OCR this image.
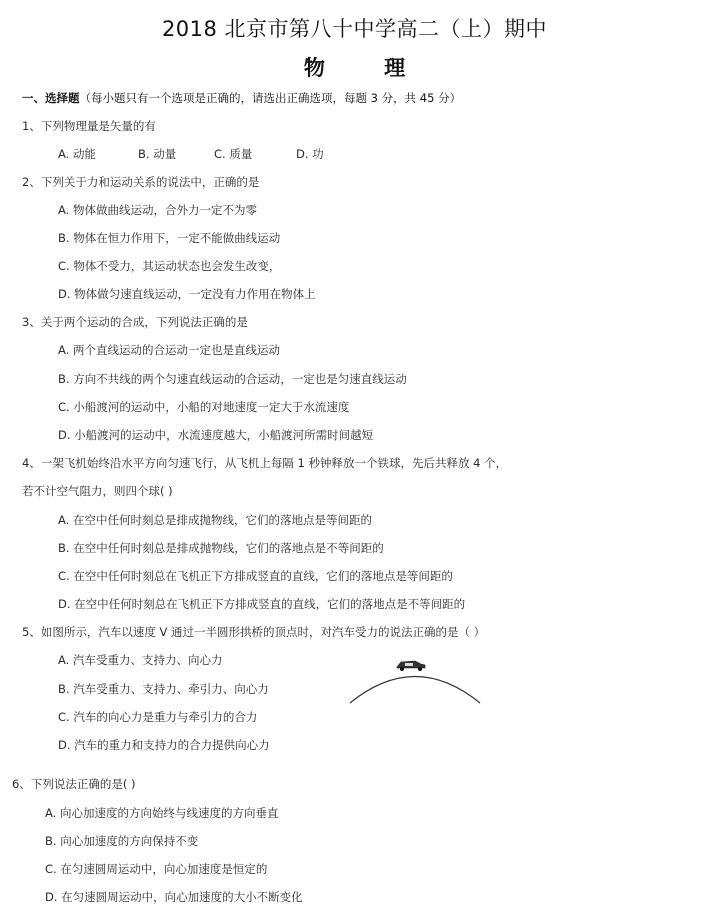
2018 北京市第八十中学高二（上）期中
物 理
一、选择题（每小题只有一个选项是正确的，请选出正确选项，每题 3 分，共 45 分）
1、下列物理量是矢量的有
A. 动能	B. 动量	C. 质量	D. 功
2、下列关于力和运动关系的说法中，正确的是
A. 物体做曲线运动，合外力一定不为零
B. 物体在恒力作用下，一定不能做曲线运动
C. 物体不受力，其运动状态也会发生改变，
D. 物体做匀速直线运动，一定没有力作用在物体上
3、关于两个运动的合成，下列说法正确的是
A. 两个直线运动的合运动一定也是直线运动
B. 方向不共线的两个匀速直线运动的合运动，一定也是匀速直线运动
C. 小船渡河的运动中，小船的对地速度一定大于水流速度
D. 小船渡河的运动中，水流速度越大，小船渡河所需时间越短
4、一架飞机始终沿水平方向匀速飞行，从飞机上每隔 1 秒钟释放一个铁球，先后共释放 4 个，
若不计空气阻力，则四个球( )
A. 在空中任何时刻总是排成抛物线，它们的落地点是等间距的
B. 在空中任何时刻总是排成抛物线，它们的落地点是不等间距的
C. 在空中任何时刻总在飞机正下方排成竖直的直线，它们的落地点是等间距的
D. 在空中任何时刻总在飞机正下方排成竖直的直线，它们的落地点是不等间距的
5、如图所示，汽车以速度 V 通过一半圆形拱桥的顶点时，对汽车受力的说法正确的是（ ）
A. 汽车受重力、支持力、向心力
B. 汽车受重力、支持力、牵引力、向心力
C. 汽车的向心力是重力与牵引力的合力
D. 汽车的重力和支持力的合力提供向心力
6、下列说法正确的是( )
A. 向心加速度的方向始终与线速度的方向垂直
B. 向心加速度的方向保持不变
C. 在匀速圆周运动中，向心加速度是恒定的
D. 在匀速圆周运动中，向心加速度的大小不断变化
